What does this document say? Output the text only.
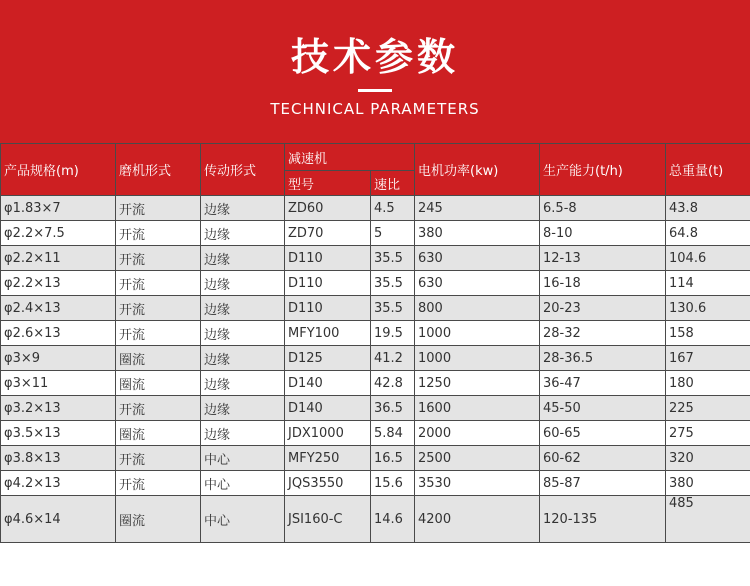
技术参数
TECHNICAL PARAMETERS
产品规格(m)	磨机形式	传动形式	减速机		电机功率(kw)	生产能力(t/h)	总重量(t)
			型号	速比			
φ1.83×7	开流	边缘	ZD60	4.5	245	6.5-8	43.8
φ2.2×7.5	开流	边缘	ZD70	5	380	8-10	64.8
φ2.2×11	开流	边缘	D110	35.5	630	12-13	104.6
φ2.2×13	开流	边缘	D110	35.5	630	16-18	114
φ2.4×13	开流	边缘	D110	35.5	800	20-23	130.6
φ2.6×13	开流	边缘	MFY100	19.5	1000	28-32	158
φ3×9	圈流	边缘	D125	41.2	1000	28-36.5	167
φ3×11	圈流	边缘	D140	42.8	1250	36-47	180
φ3.2×13	开流	边缘	D140	36.5	1600	45-50	225
φ3.5×13	圈流	边缘	JDX1000	5.84	2000	60-65	275
φ3.8×13	开流	中心	MFY250	16.5	2500	60-62	320
φ4.2×13	开流	中心	JQS3550	15.6	3530	85-87	380
φ4.6×14	圈流	中心	JSI160-C	14.6	4200	120-135	485
